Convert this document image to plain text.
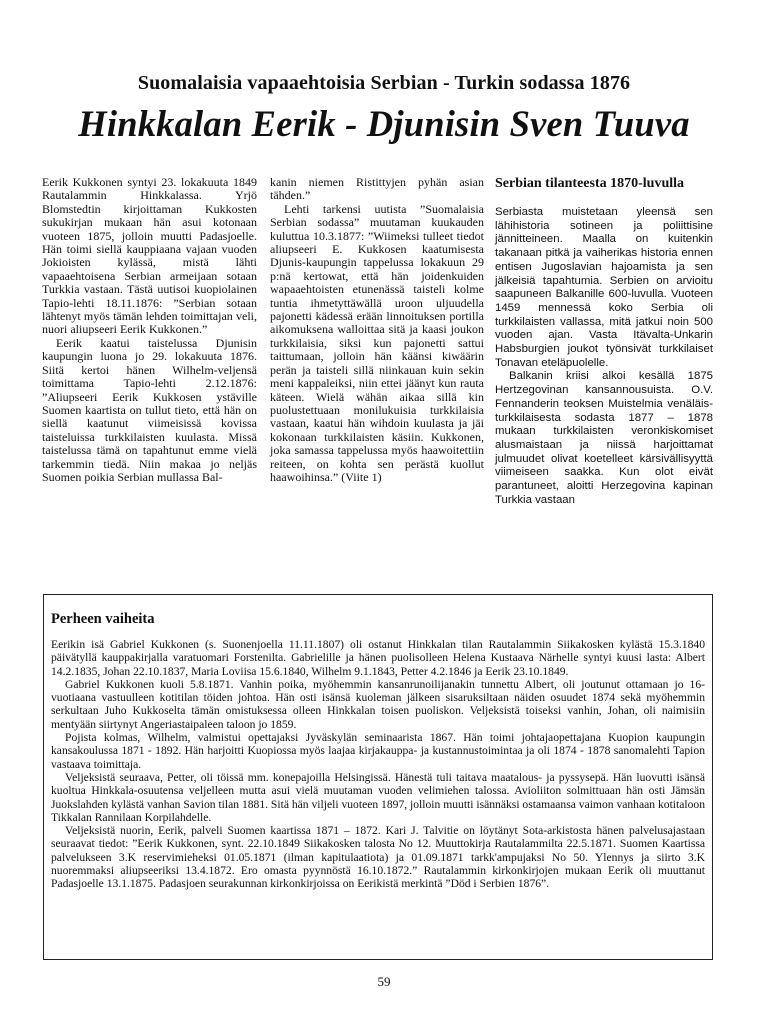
Suomalaisia vapaaehtoisia Serbian - Turkin sodassa 1876
Hinkkalan Eerik - Djunisin Sven Tuuva

Eerik Kukkonen syntyi 23. lokakuuta 1849 Rautalammin Hinkkalassa. Yrjö Blomstedtin kirjoittaman Kukkosten sukukirjan mukaan hän asui kotonaan vuoteen 1875, jolloin muutti Padasjoelle. Hän toimi siellä kauppiaana vajaan vuoden Jokioisten kylässä, mistä lähti vapaaehtoisena Serbian armeijaan sotaan Turkkia vastaan. Tästä uutisoi kuopiolainen Tapio-lehti 18.11.1876: ”Serbian sotaan lähtenyt myös tämän lehden toimittajan veli, nuori aliupseeri Eerik Kukkonen.”

Eerik kaatui taistelussa Djunisin kaupungin luona jo 29. lokakuuta 1876. Siitä kertoi hänen Wilhelm-veljensä toimittama Tapio-lehti 2.12.1876: ”Aliupseeri Eerik Kukkosen ystäville Suomen kaartista on tullut tieto, että hän on siellä kaatunut viimeisissä kovissa taisteluissa turkkilaisten kuulasta. Missä taistelussa tämä on tapahtunut emme vielä tarkemmin tiedä. Niin makaa jo neljäs Suomen poikia Serbian mullassa Bal-

kanin niemen Ristittyjen pyhän asian tähden.”

Lehti tarkensi uutista ”Suomalaisia Serbian sodassa” muutaman kuukauden kuluttua 10.3.1877: ”Wiimeksi tulleet tiedot aliupseeri E. Kukkosen kaatumisesta Djunis-kaupungin tappelussa lokakuun 29 p:nä kertowat, että hän joidenkuiden wapaaehtoisten etunenässä taisteli kolme tuntia ihmetyttäwällä uroon uljuudella pajonetti kädessä erään linnoituksen portilla aikomuksena walloittaa sitä ja kaasi joukon turkkilaisia, siksi kun pajonetti sattui taittumaan, jolloin hän käänsi kiwäärin perän ja taisteli sillä niinkauan kuin sekin meni kappaleiksi, niin ettei jäänyt kun rauta käteen. Wielä wähän aikaa sillä kin puolustettuaan monilukuisia turkkilaisia vastaan, kaatui hän wihdoin kuulasta ja jäi kokonaan turkkilaisten käsiin. Kukkonen, joka samassa tappelussa myös haawoitettiin reiteen, on kohta sen perästä kuollut haawoihinsa.” (Viite 1)

Serbian tilanteesta 1870-luvulla

Serbiasta muistetaan yleensä sen lähihistoria sotineen ja poliittisine jännitteineen. Maalla on kuitenkin takanaan pitkä ja vaiherikas historia ennen entisen Jugoslavian hajoamista ja sen jälkeisiä tapahtumia. Serbien on arvioitu saapuneen Balkanille 600-luvulla. Vuoteen 1459 mennessä koko Serbia oli turkkilaisten vallassa, mitä jatkui noin 500 vuoden ajan. Vasta Itävalta-Unkarin Habsburgien joukot työnsivät turkkilaiset Tonavan eteläpuolelle.

Balkanin kriisi alkoi kesällä 1875 Hertzegovinan kansannousuista. O.V. Fennanderin teoksen Muistelmia venäläis-turkkilaisesta sodasta 1877 – 1878 mukaan turkkilaisten veronkiskomiset alusmaistaan ja niissä harjoittamat julmuudet olivat koetelleet kärsivällisyyttä viimeiseen saakka. Kun olot eivät parantuneet, aloitti Herzegovina kapinan Turkkia vastaan

Perheen vaiheita

Eerikin isä Gabriel Kukkonen (s. Suonenjoella 11.11.1807) oli ostanut Hinkkalan tilan Rautalammin Siikakosken kylästä 15.3.1840 päivätyllä kauppakirjalla varatuomari Forstenilta. Gabrielille ja hänen puolisolleen Helena Kustaava Närhelle syntyi kuusi lasta: Albert 14.2.1835, Johan 22.10.1837, Maria Loviisa 15.6.1840, Wilhelm 9.1.1843, Petter 4.2.1846 ja Eerik 23.10.1849.

Gabriel Kukkonen kuoli 5.8.1871. Vanhin poika, myöhemmin kansanrunoilijanakin tunnettu Albert, oli joutunut ottamaan jo 16-vuotiaana vastuulleen kotitilan töiden johtoa. Hän osti isänsä kuoleman jälkeen sisaruksiltaan näiden osuudet 1874 sekä myöhemmin serkultaan Juho Kukkoselta tämän omistuksessa olleen Hinkkalan toisen puoliskon. Veljeksistä toiseksi vanhin, Johan, oli naimisiin mentyään siirtynyt Angeriastaipaleen taloon jo 1859.

Pojista kolmas, Wilhelm, valmistui opettajaksi Jyväskylän seminaarista 1867. Hän toimi johtajaopettajana Kuopion kaupungin kansakoulussa 1871 - 1892. Hän harjoitti Kuopiossa myös laajaa kirjakauppa- ja kustannustoimintaa ja oli 1874 - 1878 sanomalehti Tapion vastaava toimittaja.

Veljeksistä seuraava, Petter, oli töissä mm. konepajoilla Helsingissä. Hänestä tuli taitava maatalous- ja pyssysepä. Hän luovutti isänsä kuoltua Hinkkala-osuutensa veljelleen mutta asui vielä muutaman vuoden velimiehen talossa. Avioliiton solmittuaan hän osti Jämsän Juokslahden kylästä vanhan Savion tilan 1881. Sitä hän viljeli vuoteen 1897, jolloin muutti isännäksi ostamaansa vaimon vanhaan kotitaloon Tikkalan Rannilaan Korpilahdelle.

Veljeksistä nuorin, Eerik, palveli Suomen kaartissa 1871 – 1872. Kari J. Talvitie on löytänyt Sota-arkistosta hänen palvelusajastaan seuraavat tiedot: ”Eerik Kukkonen, synt. 22.10.1849 Siikakosken talosta No 12. Muuttokirja Rautalammilta 22.5.1871. Suomen Kaartissa palvelukseen 3.K reservimieheksi 01.05.1871 (ilman kapitulaatiota) ja 01.09.1871 tarkk'ampujaksi No 50. Ylennys ja siirto 3.K nuoremmaksi aliupseeriksi 13.4.1872. Ero omasta pyynnöstä 16.10.1872.” Rautalammin kirkonkirjojen mukaan Eerik oli muuttanut Padasjoelle 13.1.1875. Padasjoen seurakunnan kirkonkirjoissa on Eerikistä merkintä ”Död i Serbien 1876”.

59
